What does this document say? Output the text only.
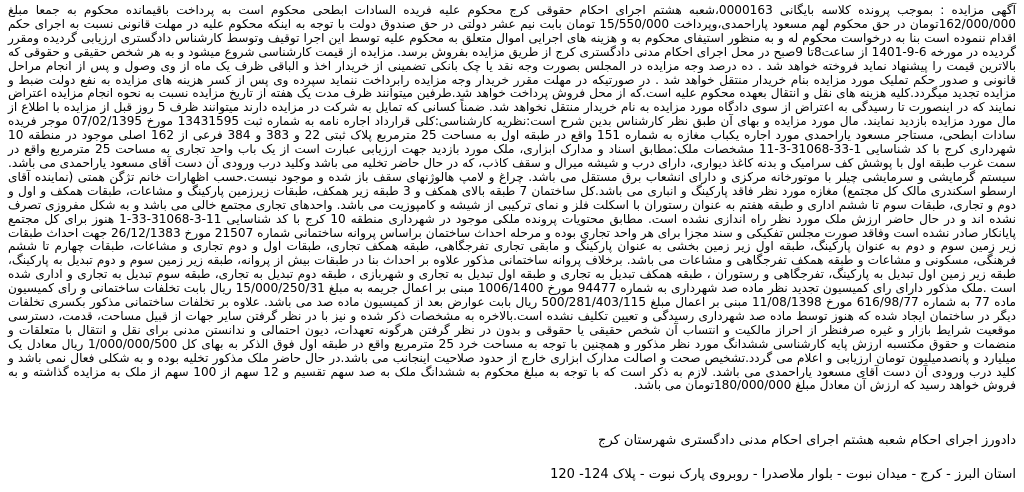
آگهی مزایده : بموجب پرونده کلاسه بایگانی 0000163،شعبه هشتم اجرای احکام حقوقی کرج محکوم علیه فریده السادات ابطحی محکوم است به پرداخت باقیمانده محکوم به جمعا مبلغ 162/000/000تومان در حق محکوم لهم مسعود پاراحمدی،وپرداخت 15/550/000 تومان بابت نیم عشر دولتی در حق صندوق دولت با توجه به اینکه محکوم علیه در مهلت قانونی نسبت به اجرای حکم اقدام ننموده است بنا به درخواست محکوم له و به منظور استیفای محکوم به و هزینه های اجرایی اموال متعلق به محکوم علیه توسط این اجرا توقیف وتوسط کارشناس دادگستری ارزیابی گردیده ومقرر گردیده در مورخه 6-9-1401 از ساعت8تا 9صبح در محل اجرای احکام مدنی دادگستری کرج از طریق مزایده بفروش برسد. مزایده از قیمت کارشناسی شروع میشود و به هر شخص حقیقی و حقوقی که بالاترین قیمت را پیشنهاد نماید فروخته خواهد شد . ده درصد وجه مزایده در المجلس بصورت وجه نقد یا چک بانکی تضمینی از خریدار اخذ و الباقی ظرف یک ماه از وی وصول و پس از انجام مراحل قانونی و صدور حکم تملیک مورد مزایده بنام خریدار منتقل خواهد شد . در صورتیکه در مهلت مقرر خریدار وجه مزایده رابرداخت ننماید سپرده وی پس از کسر هزینه های مزایده به نفع دولت ضبط و مزایده تجدید میگردد.کلیه هزینه های نقل و انتقال بعهده محکوم علیه است.که از محل فروش پرداخت خواهد شد.طرفین میتوانند ظرف مدت یک هفته از تاریخ مزایده نسبت به نحوه انجام مزایده اعتراض نمایند که در اینصورت تا رسیدگی به اعتراض از سوی دادگاه مورد مزایده به نام خریدار منتقل نخواهد شد. ضمناً کسانی که تمایل به شرکت در مزایده دارند میتوانند ظرف 5 روز قبل از مزایده با اطلاع از مال مورد مزایده بازدید نمایند. مال مورد مزایده و بهای آن طبق نظر کارشناس بدین شرح است:نظریه کارشناسی:کلی قرارداد اجاره نامه به شماره ثبت 13431595 مورخ 07/02/1395 موجر فریده سادات ابطحی، مستاجر مسعود یاراحمدی مورد اجاره یکباب مغازه به شماره 151 واقع در طبقه اول به مساحت 25 مترمربع پلاک ثبتی 22 و 383 و 384 فرعی از 162 اصلی موجود در منطقه 10 شهرداری کرج با کد شناسایی 1-33-31068-3-11 مشخصات ملک:مطابق اسناد و مدارک ابزاری، ملک مورد بازدید جهت ارزیابی عبارت است از یک باب واحد تجاری به مساحت 25 مترمربع واقع در سمت غرب طبقه اول با پوشش کف سرامیک و بدنه کاغذ دیواری، دارای درب و شیشه میرال و سقف کاذب، که در حال حاضر تخلیه می باشد وکلید درب ورودی آن دست آقای مسعود یاراحمدی می باشد. سیستم گرمایشی و سرمایشی چیلر با موتورخانه مرکزی و دارای انشعاب برق مستقل می باشد. چراغ و لامپ هالوژنهای سقف باز شده و موجود نیست.حسب اظهارات خانم تژگن همتی (نماینده آقای ارسطو اسکندری مالک کل مجتمع) مغازه مورد نظر فاقد پارکینگ و انباری می باشد.کل ساختمان 7 طبقه بالای همکف و 3 طبقه زیر همکف، طبقات زیرزمین پارکینگ و مشاعات، طبقات همکف و اول و دوم و تجاری، طبقات سوم تا ششم اداری و طبقه هفتم به عنوان رستوران با اسکلت فلز و نمای ترکیبی از شیشه و کامپوزیت می باشد. واحدهای تجاری مجتمع خالی می باشد و به شکل مفروزی تصرف نشده اند و در حال حاضر ارزش ملک مورد نظر راه اندازی نشده است. مطابق محتویات پرونده ملکی موجود در شهرداری منطقه 10 کرج با کد شناسایی 11-3-31068-33-1 هنوز برای کل مجتمع پایانکار صادر نشده است وفاقد صورت مجلس تفکیکی و سند مجزا برای هر واحد تجاری بوده و مرحله احداث ساختمان براساس پروانه ساختمانی شماره 21507 مورخ 26/12/1383 جهت احداث طبقات زیر زمین سوم و دوم به عنوان پارکینگ، طبقه اول زیر زمین بخشی به عنوان پارکینگ و مابقی تجاری تفرجگاهی، طبقه همکف تجاری، طبقات اول و دوم تجاری و مشاعات، طبقات چهارم تا ششم فرهنگی، مسکونی و مشاعات و طبقه همکف تفرجگاهی و مشاعات می باشد. برخلاف پروانه ساختمانی مذکور علاوه بر احداث بنا در طبقات بیش از پروانه، طبقه زیر زمین سوم و دوم تبدیل به پارکینگ، طبقه زیر زمین اول تبدیل به پارکینگ، تفرجگاهی و رستوران ، طبقه همکف تبدیل به تجاری و طبقه اول تبدیل به تجاری و شهربازی ، طبقه دوم تبدیل به تجاری، طبقه سوم تبدیل به تجاری و اداری شده است .ملک مذکور دارای رای کمیسیون تجدید نظر ماده صد شهرداری به شماره 94477 مورخ 1006/1400 مبنی بر اعمال جریمه به مبلغ 15/000/250/31 ریال بابت تخلفات ساختمانی و رای کمیسیون ماده 77 به شماره 616/98/77 مورخ 11/08/1398 مبنی بر اعمال مبلغ 500/281/403/115 ریال بابت عوارض بعد از کمیسیون ماده صد می باشد. علاوه بر تخلفات ساختمانی مذکور بکسری تخلفات دیگر در ساختمان ایجاد شده که هنوز توسط ماده صد شهرداری رسیدگی و تعیین تکلیف نشده است.بالاخره به مشخصات ذکر شده و نیز با در نظر گرفتن سایر جهات از قبیل مساحت، قدمت، دسترسی موقعیت شرایط بازار و غیره صرفنظر از احراز مالکیت و انتساب آن شخص حقیقی یا حقوقی و بدون در نظر گرفتن هرگونه تعهدات، دیون احتمالی و ندانستن مدنی برای نقل و انتقال با متعلقات و منضمات و حقوق مکتسبه ارزش پایه کارشناسی ششدانگ مورد نظر مذکور و همچنین با توجه به مساحت خرد 25 مترمربع واقع در طبقه اول فوق الذکر به بهای کل 1/000/000/500 ریال معادل یک میلیارد و پانصدمیلیون تومان ارزیابی و اعلام می گردد.تشخیص صحت و اصالت مدارک ابزاری خارج از حدود صلاحیت اینجانب می باشد.در حال حاضر ملک مذکور تخلیه بوده و به شکلی فعال نمی باشد و کلید درب ورودی آن دست آقای مسعود یاراحمدی می باشد. لازم به ذکر است که با توجه به مبلغ محکوم به ششدانگ ملک به صد سهم تقسیم و 12 سهم از 100 سهم از ملک به مزایده گذاشته و به فروش خواهد رسید که ارزش آن معادل مبلغ 180/000/000تومان می باشد.

دادورز اجرای احکام شعبه هشتم اجرای احکام مدنی دادگستری شهرستان کرج

استان البرز - کرج - میدان نبوت - بلوار ملاصدرا - روبروی پارک نبوت - پلاک 124- 120
